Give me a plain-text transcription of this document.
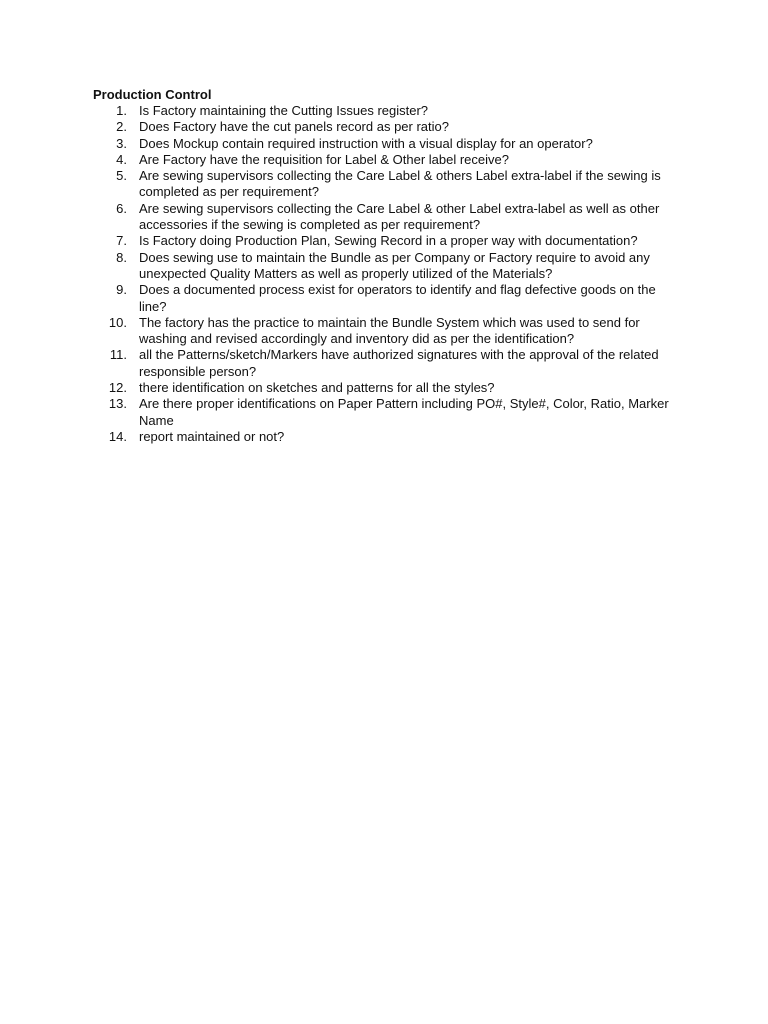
Production Control
1. Is Factory maintaining the Cutting Issues register?
2. Does Factory have the cut panels record as per ratio?
3. Does Mockup contain required instruction with a visual display for an operator?
4. Are Factory have the requisition for Label & Other label receive?
5. Are sewing supervisors collecting the Care Label & others Label extra-label if the sewing is completed as per requirement?
6. Are sewing supervisors collecting the Care Label & other Label extra-label as well as other accessories if the sewing is completed as per requirement?
7. Is Factory doing Production Plan, Sewing Record in a proper way with documentation?
8. Does sewing use to maintain the Bundle as per Company or Factory require to avoid any unexpected Quality Matters as well as properly utilized of the Materials?
9. Does a documented process exist for operators to identify and flag defective goods on the line?
10. The factory has the practice to maintain the Bundle System which was used to send for washing and revised accordingly and inventory did as per the identification?
11. all the Patterns/sketch/Markers have authorized signatures with the approval of the related responsible person?
12. there identification on sketches and patterns for all the styles?
13. Are there proper identifications on Paper Pattern including PO#, Style#, Color, Ratio, Marker Name
14. report maintained or not?
